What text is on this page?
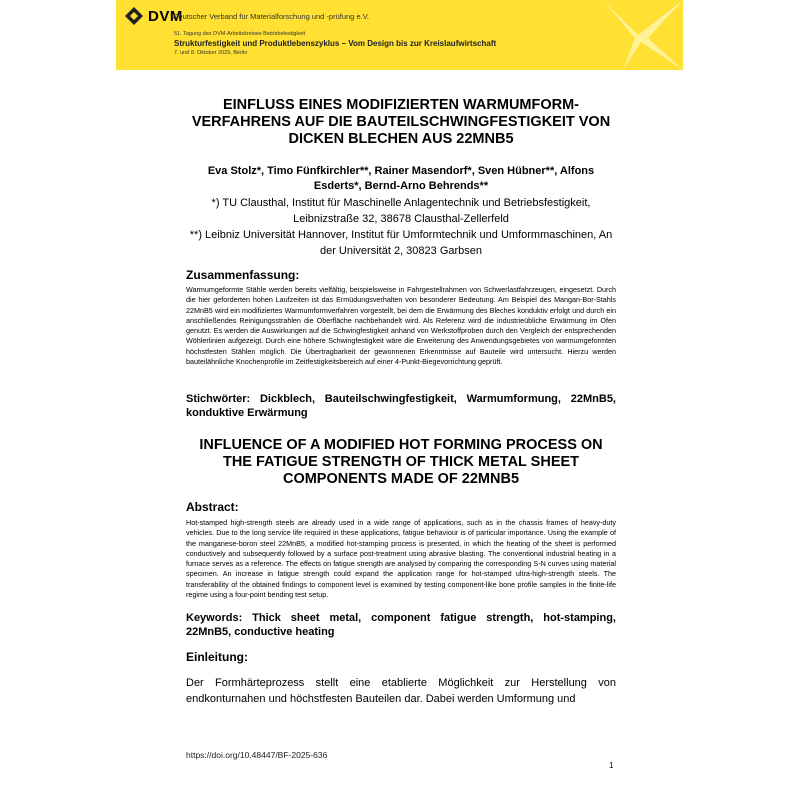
DVM
Deutscher Verband für Materialforschung und -prüfung e.V.
51. Tagung des DVM-Arbeitskreises Betriebsfestigkeit
Strukturfestigkeit und Produktlebenszyklus – Vom Design bis zur Kreislaufwirtschaft
7. und 8. Oktober 2025, Berlin
EINFLUSS EINES MODIFIZIERTEN WARMUMFORM-VERFAHRENS AUF DIE BAUTEILSCHWINGFESTIGKEIT VON DICKEN BLECHEN AUS 22MNB5
Eva Stolz*, Timo Fünfkirchler**, Rainer Masendorf*, Sven Hübner**, Alfons Esderts*, Bernd-Arno Behrends**
*) TU Clausthal, Institut für Maschinelle Anlagentechnik und Betriebsfestigkeit, Leibnizstraße 32, 38678 Clausthal-Zellerfeld
**) Leibniz Universität Hannover, Institut für Umformtechnik und Umformmaschinen, An der Universität 2, 30823 Garbsen
Zusammenfassung:
Warmumgeformte Stähle werden bereits vielfältig, beispielsweise in Fahrgestellrahmen von Schwerlastfahrzeugen, eingesetzt. Durch die hier geforderten hohen Laufzeiten ist das Ermüdungsverhalten von besonderer Bedeutung. Am Beispiel des Mangan-Bor-Stahls 22MnB5 wird ein modifiziertes Warmumformverfahren vorgestellt, bei dem die Erwärmung des Bleches konduktiv erfolgt und durch ein anschließendes Reinigungsstrahlen die Oberfläche nachbehandelt wird. Als Referenz wird die industrieübliche Erwärmung im Ofen genutzt. Es werden die Auswirkungen auf die Schwingfestigkeit anhand von Werkstoffproben durch den Vergleich der entsprechenden Wöhlerlinien aufgezeigt. Durch eine höhere Schwingfestigkeit wäre die Erweiterung des Anwendungsgebietes von warmumgeformten höchstfesten Stählen möglich. Die Übertragbarkeit der gewonnenen Erkenntnisse auf Bauteile wird untersucht. Hierzu werden bauteilähnliche Knochenprofile im Zeitfestigkeitsbereich auf einer 4-Punkt-Biegevorrichtung geprüft.
Stichwörter: Dickblech, Bauteilschwingfestigkeit, Warmumformung, 22MnB5, konduktive Erwärmung
INFLUENCE OF A MODIFIED HOT FORMING PROCESS ON THE FATIGUE STRENGTH OF THICK METAL SHEET COMPONENTS MADE OF 22MNB5
Abstract:
Hot-stamped high-strength steels are already used in a wide range of applications, such as in the chassis frames of heavy-duty vehicles. Due to the long service life required in these applications, fatigue behaviour is of particular importance. Using the example of the manganese-boron steel 22MnB5, a modified hot-stamping process is presented, in which the heating of the sheet is performed conductively and subsequently followed by a surface post-treatment using abrasive blasting. The conventional industrial heating in a furnace serves as a reference. The effects on fatigue strength are analysed by comparing the corresponding S-N curves using material specimen. An increase in fatigue strength could expand the application range for hot-stamped ultra-high-strength steels. The transferability of the obtained findings to component level is examined by testing component-like bone profile samples in the finite-life regime using a four-point bending test setup.
Keywords: Thick sheet metal, component fatigue strength, hot-stamping, 22MnB5, conductive heating
Einleitung:
Der Formhärteprozess stellt eine etablierte Möglichkeit zur Herstellung von endkonturnahen und höchstfesten Bauteilen dar. Dabei werden Umformung und
https://doi.org/10.48447/BF-2025-636
1
